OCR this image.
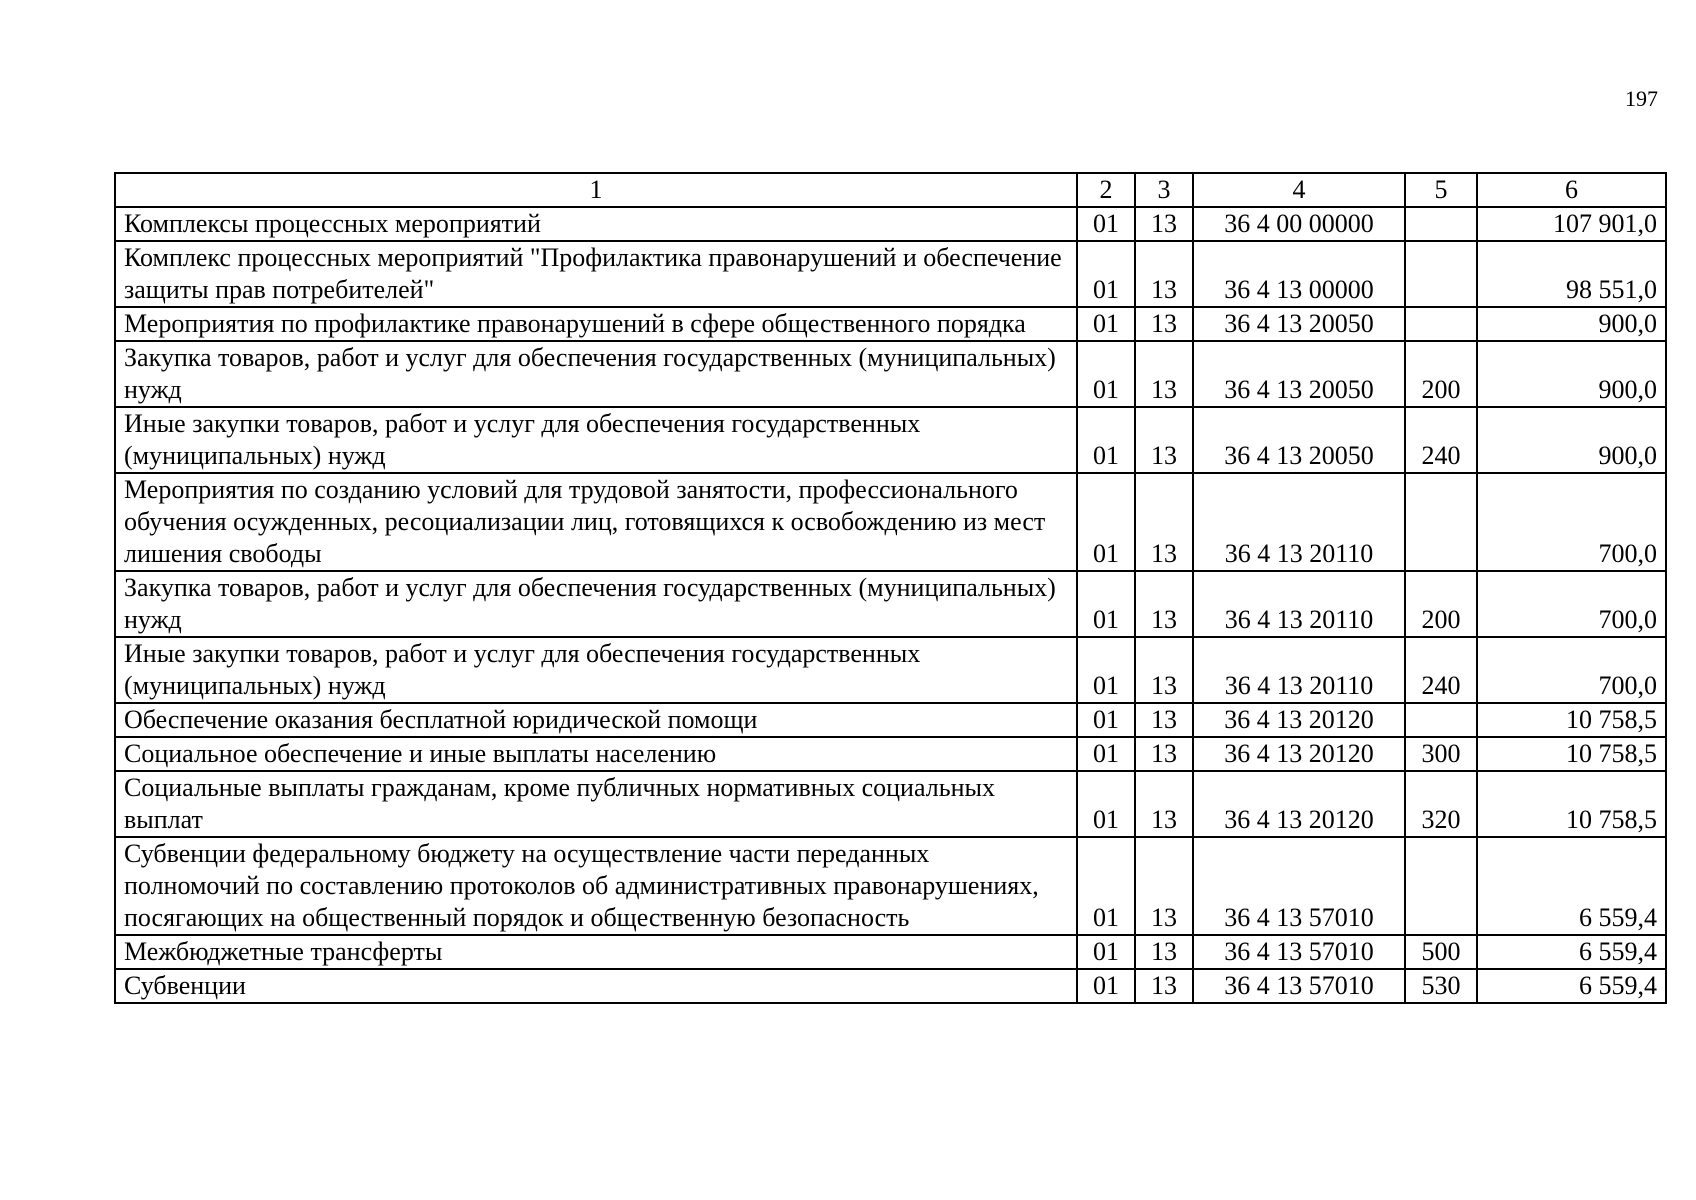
197
1	2	3	4	5	6
Комплексы процессных мероприятий	01	13	36 4 00 00000		107 901,0
Комплекс процессных мероприятий "Профилактика правонарушений и обеспечение защиты прав потребителей"	01	13	36 4 13 00000		98 551,0
Мероприятия по профилактике правонарушений в сфере общественного порядка	01	13	36 4 13 20050		900,0
Закупка товаров, работ и услуг для обеспечения государственных (муниципальных) нужд	01	13	36 4 13 20050	200	900,0
Иные закупки товаров, работ и услуг для обеспечения государственных (муниципальных) нужд	01	13	36 4 13 20050	240	900,0
Мероприятия по созданию условий для трудовой занятости, профессионального обучения осужденных, ресоциализации лиц, готовящихся к освобождению из мест лишения свободы	01	13	36 4 13 20110		700,0
Закупка товаров, работ и услуг для обеспечения государственных (муниципальных) нужд	01	13	36 4 13 20110	200	700,0
Иные закупки товаров, работ и услуг для обеспечения государственных (муниципальных) нужд	01	13	36 4 13 20110	240	700,0
Обеспечение оказания бесплатной юридической помощи	01	13	36 4 13 20120		10 758,5
Социальное обеспечение и иные выплаты населению	01	13	36 4 13 20120	300	10 758,5
Социальные выплаты гражданам, кроме публичных нормативных социальных выплат	01	13	36 4 13 20120	320	10 758,5
Субвенции федеральному бюджету на осуществление части переданных полномочий по составлению протоколов об административных правонарушениях, посягающих на общественный порядок и общественную безопасность	01	13	36 4 13 57010		6 559,4
Межбюджетные трансферты	01	13	36 4 13 57010	500	6 559,4
Субвенции	01	13	36 4 13 57010	530	6 559,4
